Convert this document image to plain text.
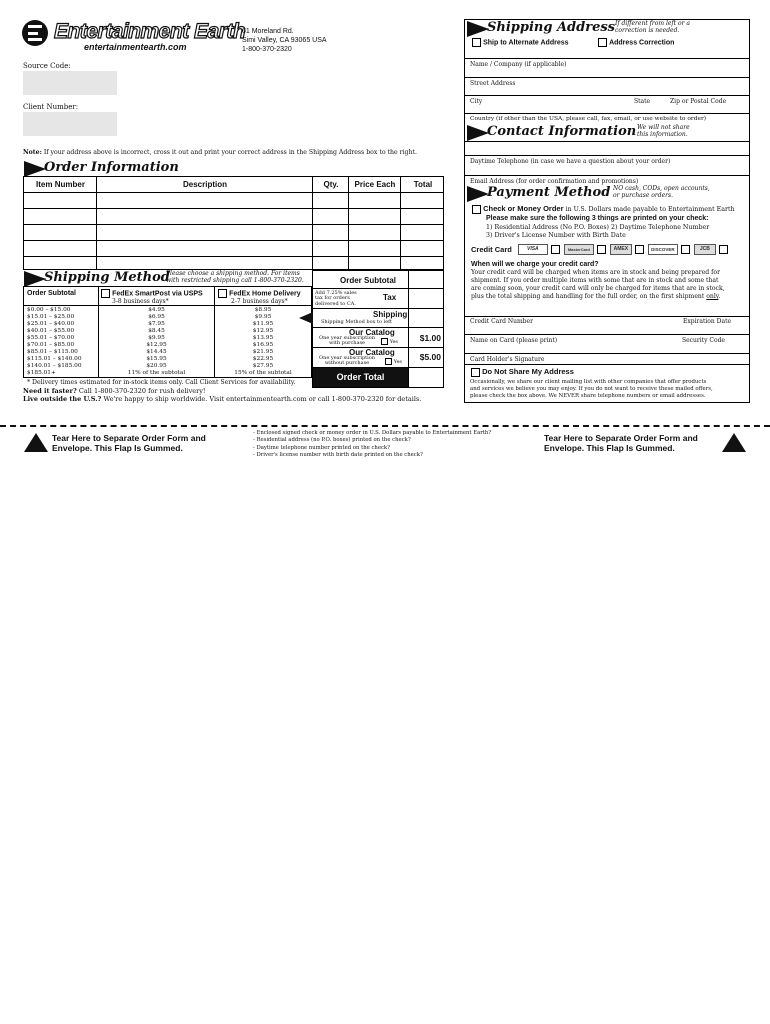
Entertainment Earth
entertainmentearth.com
61 Moreland Rd.
Simi Valley, CA 93065 USA
1-800-370-2320
Source Code:
Client Number:
Note: If your address above is incorrect, cross it out and print your correct address in the Shipping Address box to the right.
Order Information
Item Number	Description	Qty.	Price Each	Total
Shipping Method
Please choose a shipping method. For items
with restricted shipping call 1-800-370-2320.
Order Subtotal	FedEx SmartPost via USPS
3-8 business days*
FedEx Home Delivery
2-7 business days*
$0.00 – $15.00	$4.95	$8.95
$15.01 – $25.00	$6.95	$9.95
$25.01 – $40.00	$7.95	$11.95
$40.01 – $55.00	$8.45	$12.95
$55.01 – $70.00	$9.95	$13.95
$70.01 – $85.00	$12.95	$16.95
$85.01 – $115.00	$14.45	$21.95
$115.01 – $140.00	$15.95	$22.95
$140.01 – $185.00	$20.95	$27.95
$185.01+	11% of the subtotal	15% of the subtotal
* Delivery times estimated for in-stock items only. Call Client Services for availability.
Order Subtotal
Add 7.25% sales
tax for orders
delivered to CA.
Tax
Shipping
Shipping Method box to left
Our Catalog
One year subscription
with purchase	Yes	$1.00
Our Catalog
One year subscription
without purchase	Yes	$5.00
Order Total
Need it faster? Call 1-800-370-2320 for rush delivery!
Live outside the U.S.? We're happy to ship worldwide. Visit entertainmentearth.com or call 1-800-370-2320 for details.
Shipping Address If different from left or a
correction is needed.
Ship to Alternate Address	Address Correction
Name / Company (if applicable)
Street Address
City	State	Zip or Postal Code
Country (if other than the USA, please call, fax, email, or use website to order)
Contact Information We will not share
this information.
Daytime Telephone (in case we have a question about your order)
Email Address (for order confirmation and promotions)
Payment Method NO cash, CODs, open accounts,
or purchase orders.
Check or Money Order in U.S. Dollars made payable to Entertainment Earth
Please make sure the following 3 things are printed on your check:
1) Residential Address (No P.O. Boxes) 2) Daytime Telephone Number
3) Driver's License Number with Birth Date
Credit Card	VISA	MasterCard	AMEX	DISCOVER	JCB
When will we charge your credit card?
Your credit card will be charged when items are in stock and being prepared for
shipment. If you order multiple items with some that are in stock and some that
are coming soon, your credit card will only be charged for items that are in stock,
plus the total shipping and handling for the full order, on the first shipment only.
Credit Card Number	Expiration Date
Name on Card (please print)	Security Code
Card Holder's Signature
Do Not Share My Address
Occasionally, we share our client mailing list with other companies that offer products
and services we believe you may enjoy. If you do not want to receive these mailed offers,
please check the box above. We NEVER share telephone numbers or email addresses.
Tear Here to Separate Order Form and
Envelope. This Flap Is Gummed.
- Enclosed signed check or money order in U.S. Dollars payable to Entertainment Earth?
- Residential address (no P.O. boxes) printed on the check?
- Daytime telephone number printed on the check?
- Driver's license number with birth date printed on the check?
Tear Here to Separate Order Form and
Envelope. This Flap Is Gummed.
